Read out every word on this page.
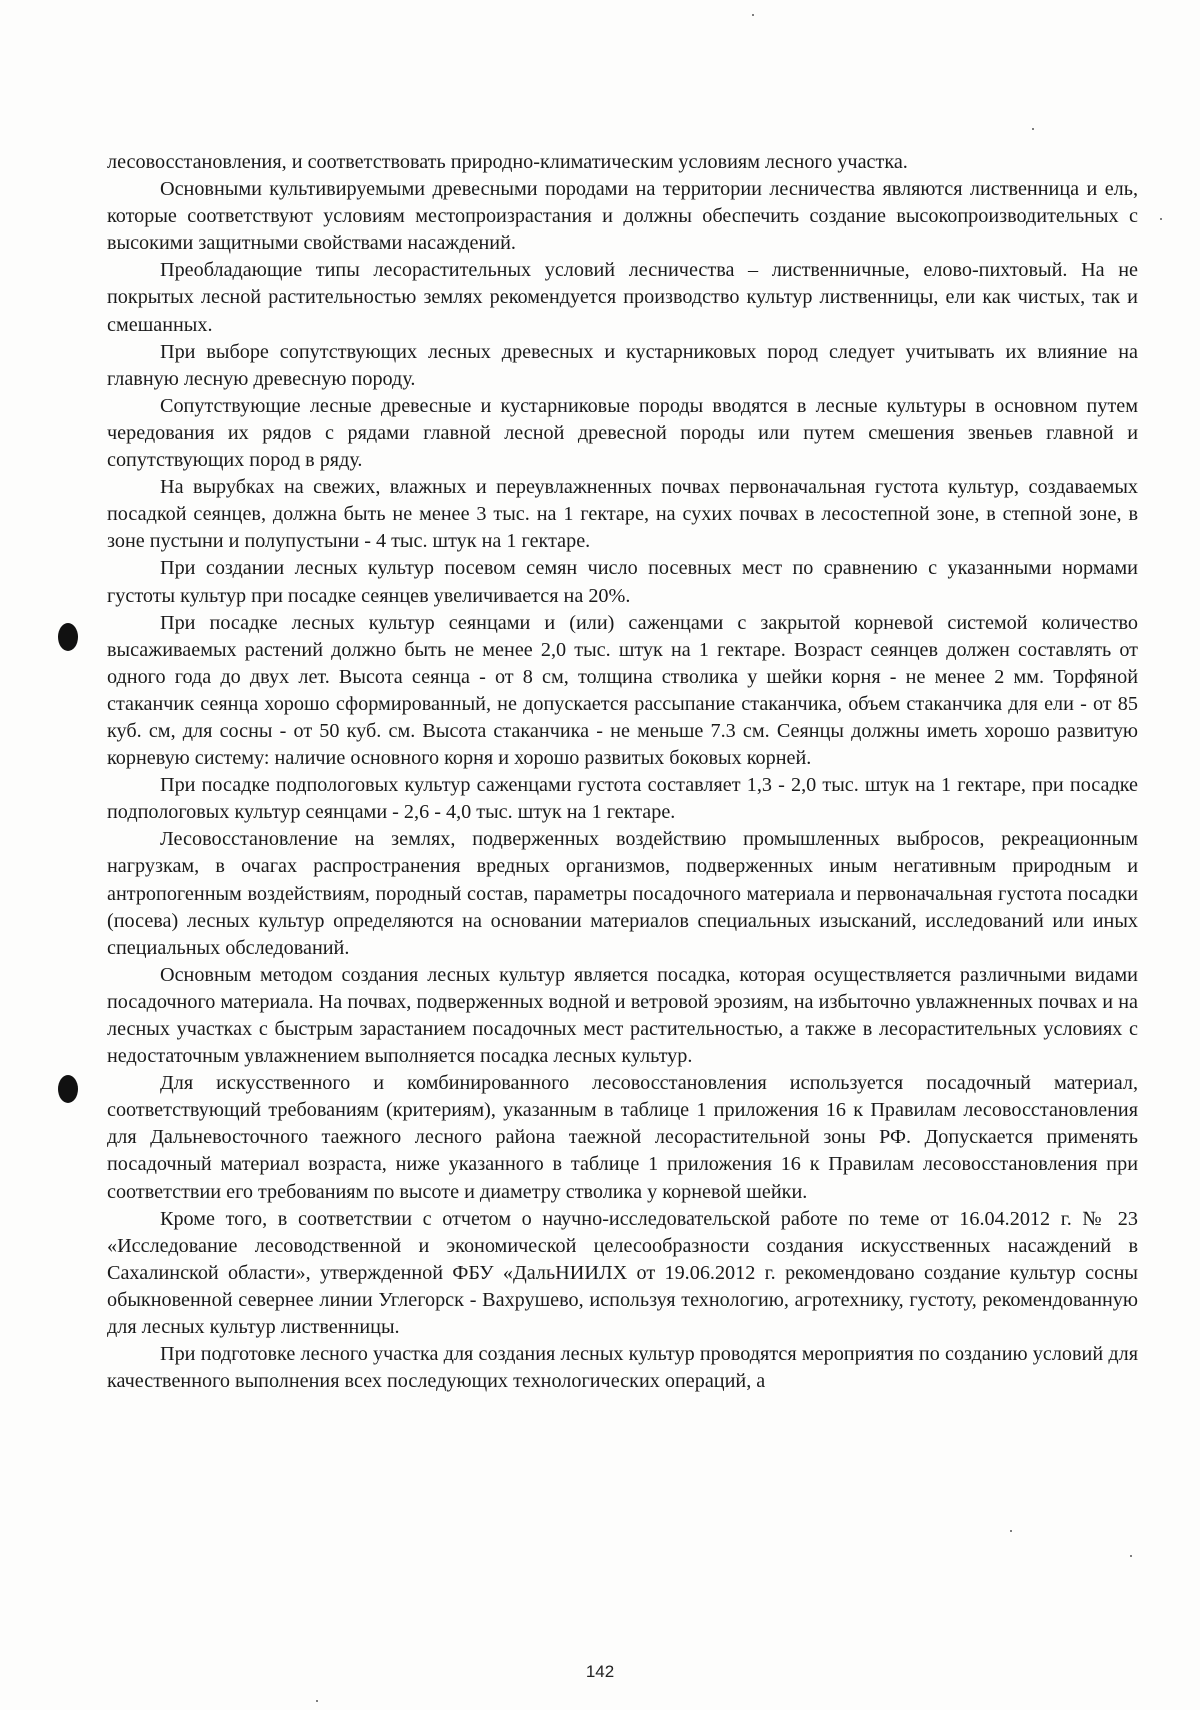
лесовосстановления, и соответствовать природно-климатическим условиям лесного участка.

Основными культивируемыми древесными породами на территории лесничества являются лиственница и ель, которые соответствуют условиям местопроизрастания и должны обеспечить создание высокопроизводительных с высокими защитными свойствами насаждений.

Преобладающие типы лесорастительных условий лесничества – лиственничные, елово-пихтовый. На не покрытых лесной растительностью землях рекомендуется производство культур лиственницы, ели как чистых, так и смешанных.

При выборе сопутствующих лесных древесных и кустарниковых пород следует учитывать их влияние на главную лесную древесную породу.

Сопутствующие лесные древесные и кустарниковые породы вводятся в лесные культуры в основном путем чередования их рядов с рядами главной лесной древесной породы или путем смешения звеньев главной и сопутствующих пород в ряду.

На вырубках на свежих, влажных и переувлажненных почвах первоначальная густота культур, создаваемых посадкой сеянцев, должна быть не менее 3 тыс. на 1 гектаре, на сухих почвах в лесостепной зоне, в степной зоне, в зоне пустыни и полупустыни - 4 тыс. штук на 1 гектаре.

При создании лесных культур посевом семян число посевных мест по сравнению с указанными нормами густоты культур при посадке сеянцев увеличивается на 20%.

При посадке лесных культур сеянцами и (или) саженцами с закрытой корневой системой количество высаживаемых растений должно быть не менее 2,0 тыс. штук на 1 гектаре. Возраст сеянцев должен составлять от одного года до двух лет. Высота сеянца - от 8 см, толщина стволика у шейки корня - не менее 2 мм. Торфяной стаканчик сеянца хорошо сформированный, не допускается рассыпание стаканчика, объем стаканчика для ели - от 85 куб. см, для сосны - от 50 куб. см. Высота стаканчика - не меньше 7.3 см. Сеянцы должны иметь хорошо развитую корневую систему: наличие основного корня и хорошо развитых боковых корней.

При посадке подпологовых культур саженцами густота составляет 1,3 - 2,0 тыс. штук на 1 гектаре, при посадке подпологовых культур сеянцами - 2,6 - 4,0 тыс. штук на 1 гектаре.

Лесовосстановление на землях, подверженных воздействию промышленных выбросов, рекреационным нагрузкам, в очагах распространения вредных организмов, подверженных иным негативным природным и антропогенным воздействиям, породный состав, параметры посадочного материала и первоначальная густота посадки (посева) лесных культур определяются на основании материалов специальных изысканий, исследований или иных специальных обследований.

Основным методом создания лесных культур является посадка, которая осуществляется различными видами посадочного материала. На почвах, подверженных водной и ветровой эрозиям, на избыточно увлажненных почвах и на лесных участках с быстрым зарастанием посадочных мест растительностью, а также в лесорастительных условиях с недостаточным увлажнением выполняется посадка лесных культур.

Для искусственного и комбинированного лесовосстановления используется посадочный материал, соответствующий требованиям (критериям), указанным в таблице 1 приложения 16 к Правилам лесовосстановления для Дальневосточного таежного лесного района таежной лесорастительной зоны РФ. Допускается применять посадочный материал возраста, ниже указанного в таблице 1 приложения 16 к Правилам лесовосстановления при соответствии его требованиям по высоте и диаметру стволика у корневой шейки.

Кроме того, в соответствии с отчетом о научно-исследовательской работе по теме от 16.04.2012 г. № 23 «Исследование лесоводственной и экономической целесообразности создания искусственных насаждений в Сахалинской области», утвержденной ФБУ «ДальНИИЛХ от 19.06.2012 г. рекомендовано создание культур сосны обыкновенной севернее линии Углегорск - Вахрушево, используя технологию, агротехнику, густоту, рекомендованную для лесных культур лиственницы.

При подготовке лесного участка для создания лесных культур проводятся мероприятия по созданию условий для качественного выполнения всех последующих технологических операций, а

142
